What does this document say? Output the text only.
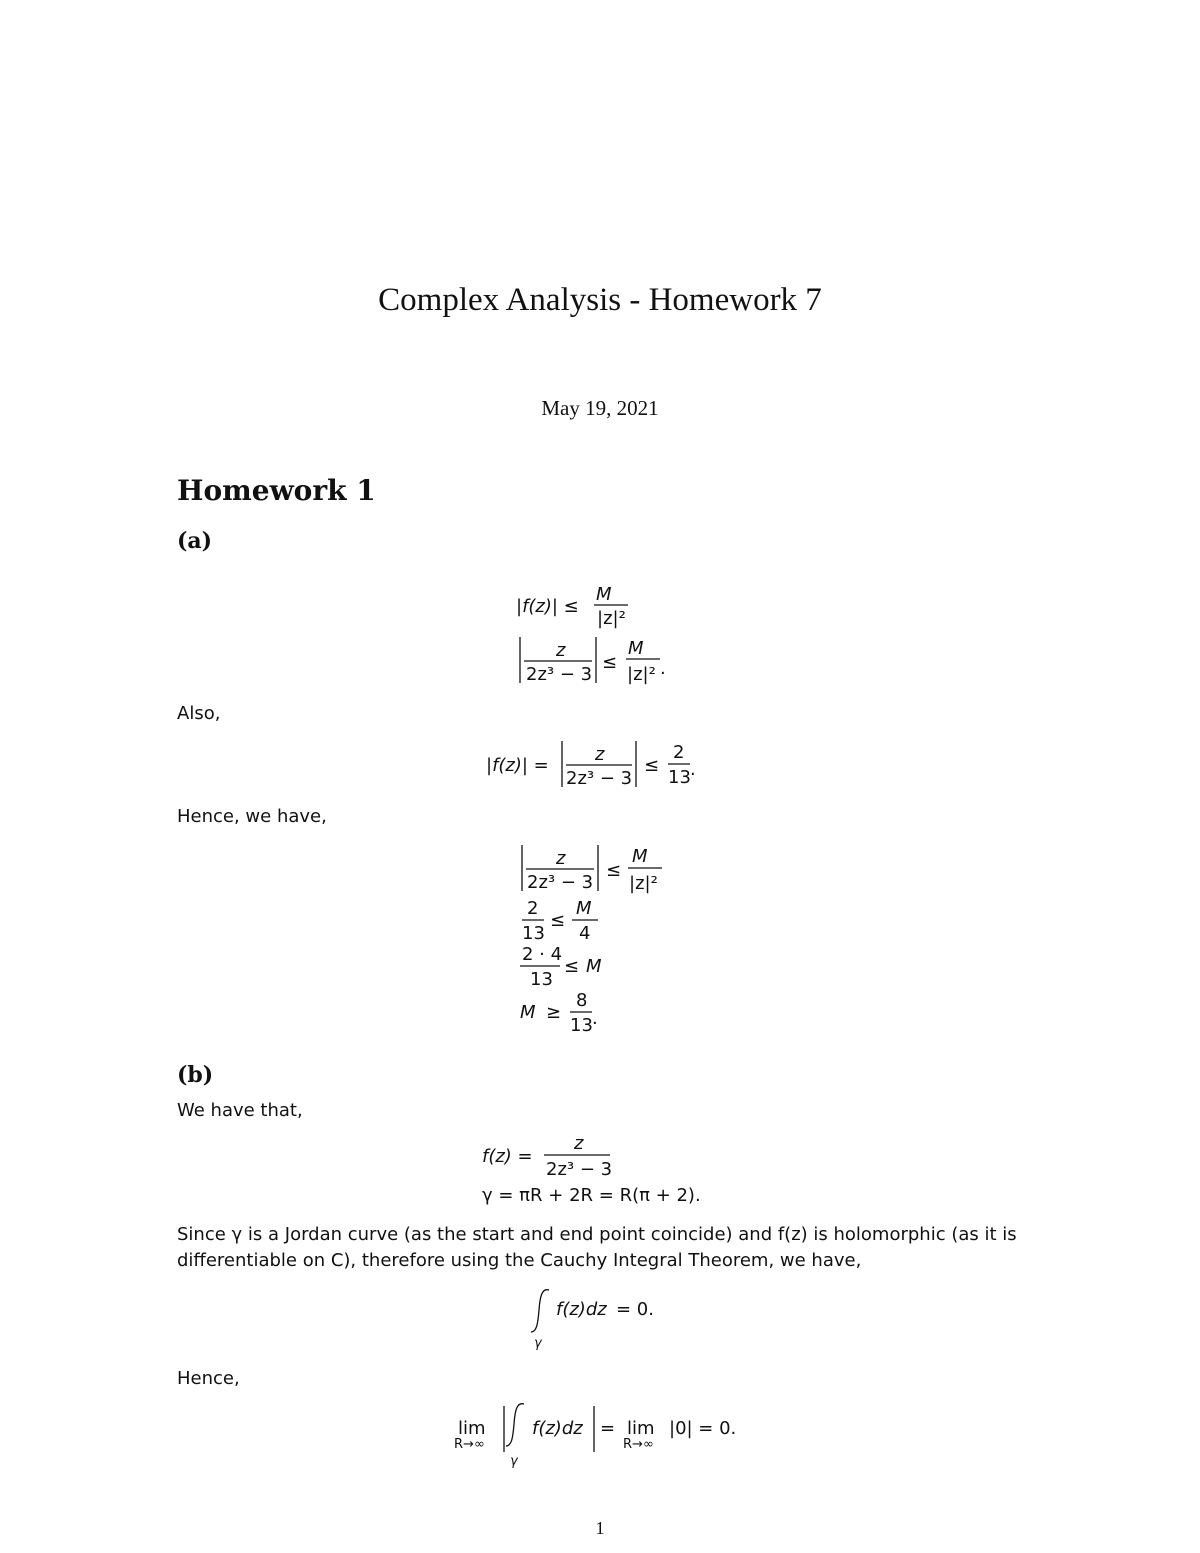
Complex Analysis - Homework 7
May 19, 2021
Homework 1
(a)
|f(z)| ≤
M
|z|²
z
2z³ − 3
≤
M
|z|² .
Also,
|f(z)| =
z
2z³ − 3
≤
2
13 .
Hence, we have,
z
2z³ − 3
≤
M
|z|²
2
13
≤
M
4
2 · 4
13
≤ M
M ≥
8
13 .
(b)
We have that,
f(z) =
z
2z³ − 3
γ = πR + 2R = R(π + 2).
Since γ is a Jordan curve (as the start and end point coincide) and f(z) is holomorphic (as it is differentiable on C), therefore using the Cauchy Integral Theorem, we have,
γ
f(z)dz = 0.
Hence,
lim
R→∞
γ
f(z)dz = lim
R→∞
|0| = 0.
1
